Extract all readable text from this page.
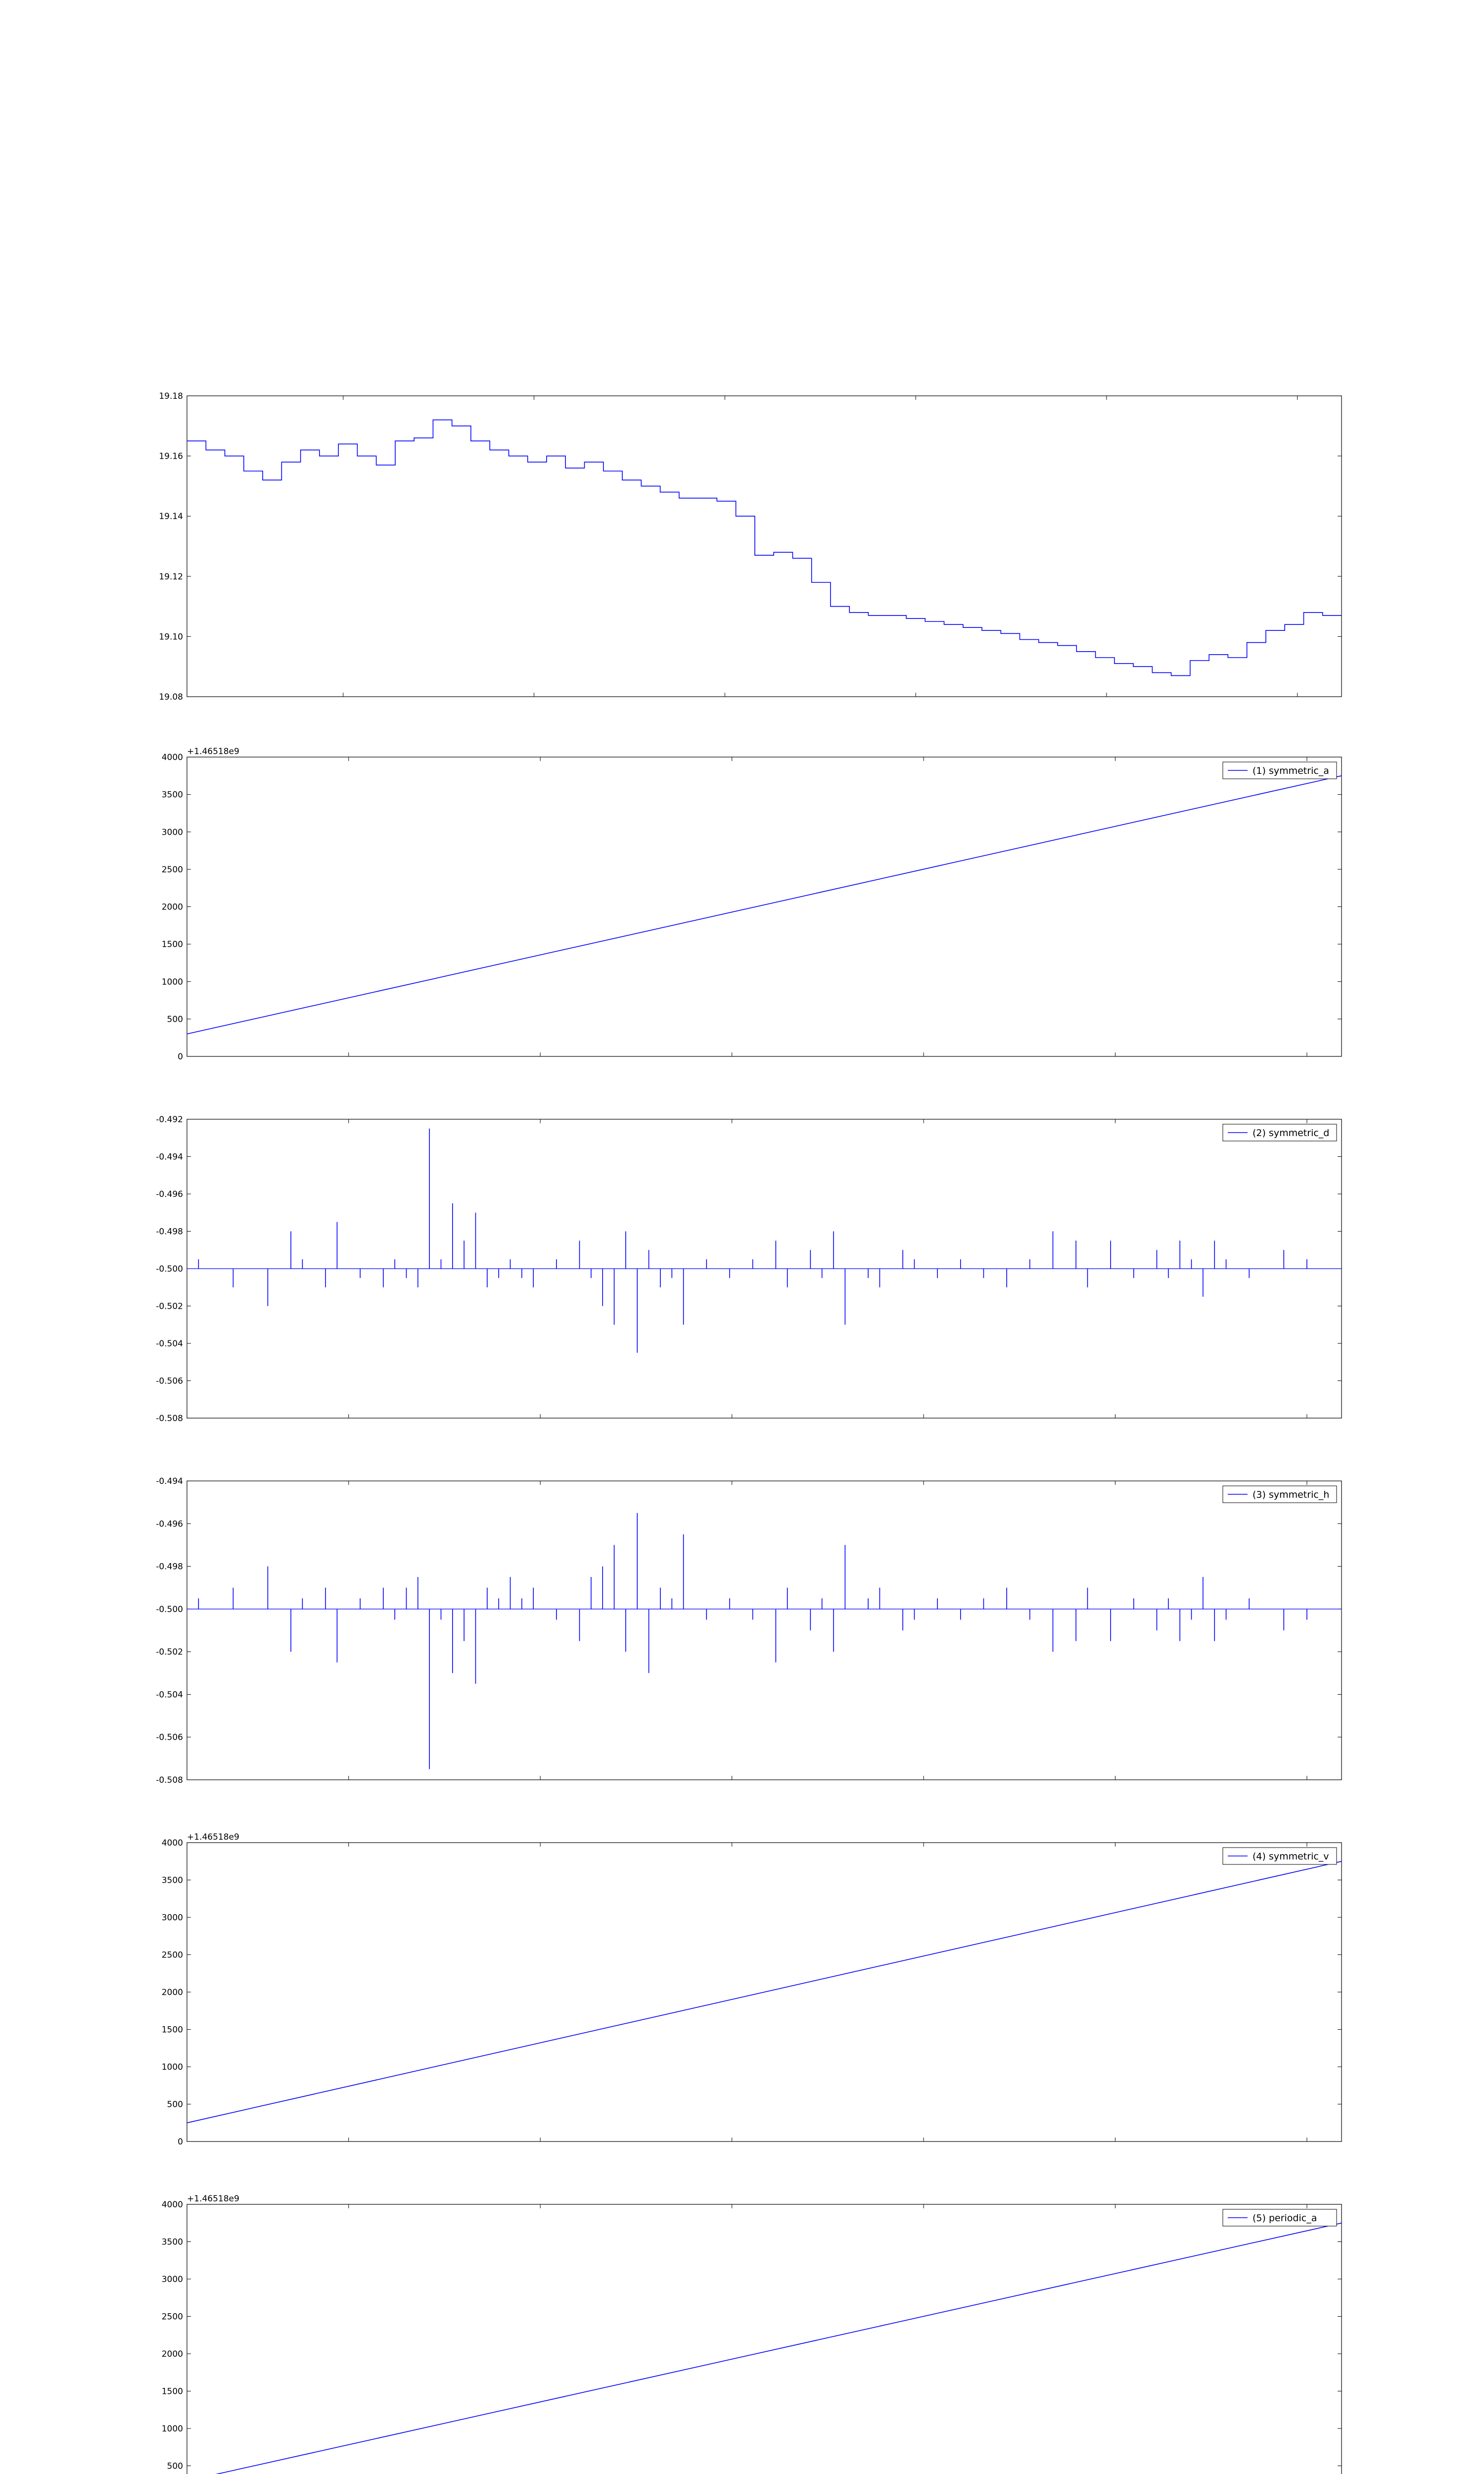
19.18
19.16
19.14
19.12
19.10
19.08
4000
3500
3000
2500
2000
1500
1000
500
0
+1.46518e9
(1) symmetric_a
-0.492
-0.494
-0.496
-0.498
-0.500
-0.502
-0.504
-0.506
-0.508
(2) symmetric_d
-0.494
-0.496
-0.498
-0.500
-0.502
-0.504
-0.506
-0.508
(3) symmetric_h
4000
3500
3000
2500
2000
1500
1000
500
0
+1.46518e9
(4) symmetric_v
4000
3500
3000
2500
2000
1500
1000
500
+1.46518e9
(5) periodic_a
